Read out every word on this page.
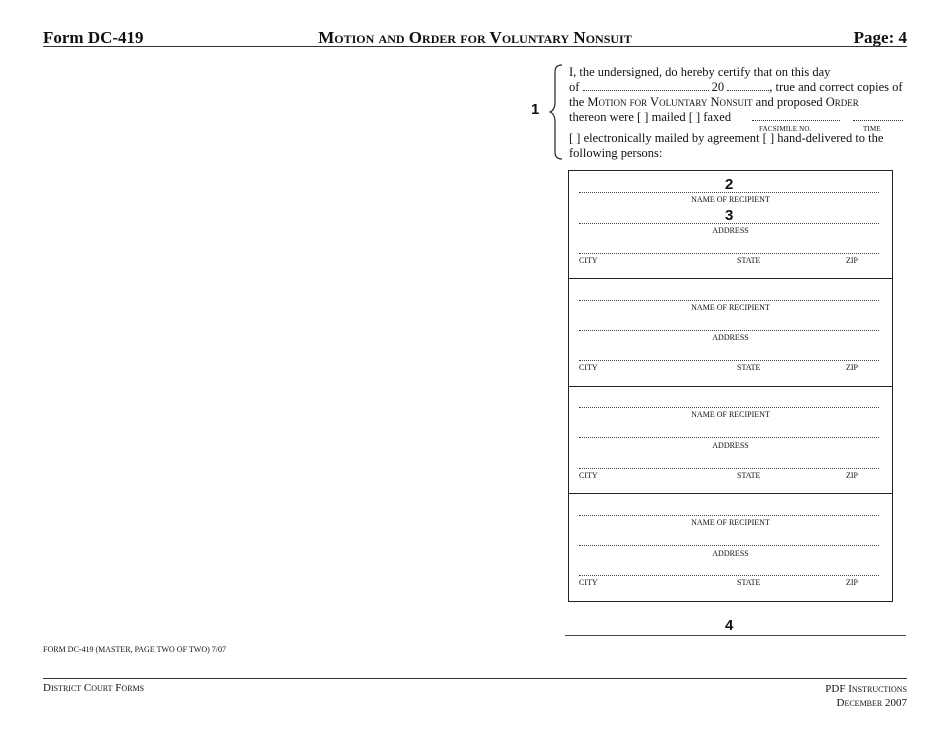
Form DC-419	Motion and Order for Voluntary Nonsuit	Page: 4
1
I, the undersigned, do hereby certify that on this day
of	20	, true and correct copies of
the Motion for Voluntary Nonsuit and proposed Order
thereon were [ ] mailed [ ] faxed
FACSIMILE NO.	TIME
[ ] electronically mailed by agreement [ ] hand-delivered to the
following persons:
2
NAME OF RECIPIENT
3
ADDRESS
CITY	STATE	ZIP
NAME OF RECIPIENT
ADDRESS
CITY	STATE	ZIP
NAME OF RECIPIENT
ADDRESS
CITY	STATE	ZIP
NAME OF RECIPIENT
ADDRESS
CITY	STATE	ZIP
4
FORM DC-419 (MASTER, PAGE TWO OF TWO) 7/07
District Court Forms	PDF Instructions
December 2007
